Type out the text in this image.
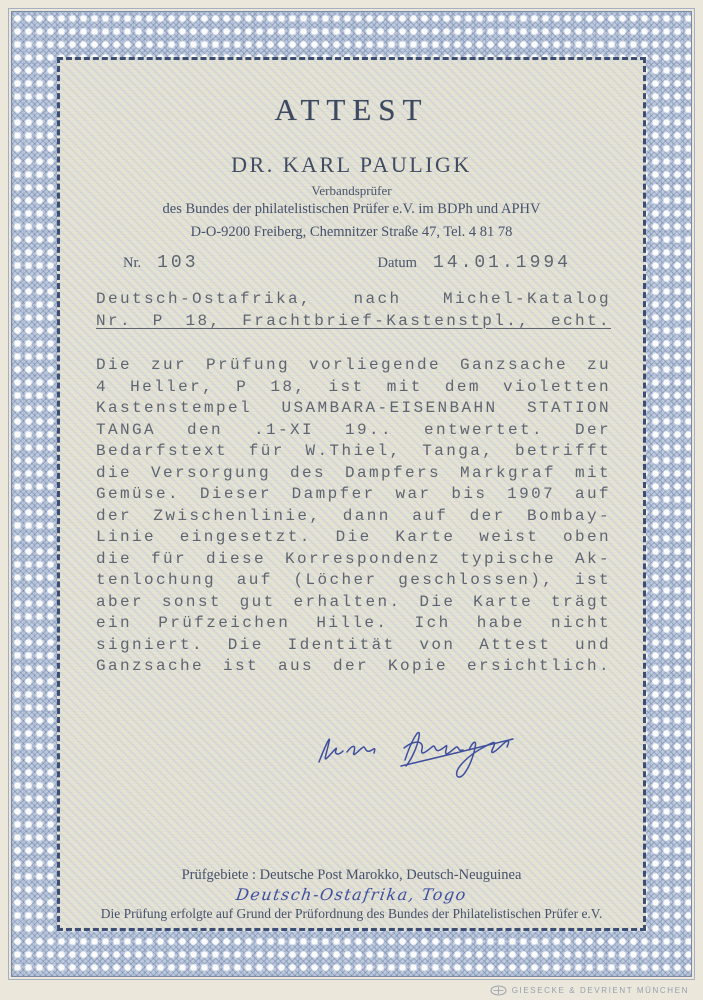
ATTEST
DR. KARL PAULIGK
Verbandsprüfer
des Bundes der philatelistischen Prüfer e.V. im BDPh und APHV
D-O-9200 Freiberg, Chemnitzer Straße 47, Tel. 4 81 78
Nr. 103	Datum 14.01.1994
Deutsch-Ostafrika, nach Michel-Katalog
Nr. P 18, Frachtbrief-Kastenstpl., echt.
Die zur Prüfung vorliegende Ganzsache zu
4 Heller, P 18, ist mit dem violetten
Kastenstempel USAMBARA-EISENBAHN STATION
TANGA den .1-XI 19.. entwertet. Der
Bedarfstext für W.Thiel, Tanga, betrifft
die Versorgung des Dampfers Markgraf mit
Gemüse. Dieser Dampfer war bis 1907 auf
der Zwischenlinie, dann auf der Bombay-
Linie eingesetzt. Die Karte weist oben
die für diese Korrespondenz typische Ak-
tenlochung auf (Löcher geschlossen), ist
aber sonst gut erhalten. Die Karte trägt
ein Prüfzeichen Hille. Ich habe nicht
signiert. Die Identität von Attest und
Ganzsache ist aus der Kopie ersichtlich.
Prüfgebiete : Deutsche Post Marokko, Deutsch-Neuguinea
Deutsch-Ostafrika, Togo
Die Prüfung erfolgte auf Grund der Prüfordnung des Bundes der Philatelistischen Prüfer e.V.
GIESECKE & DEVRIENT MÜNCHEN
